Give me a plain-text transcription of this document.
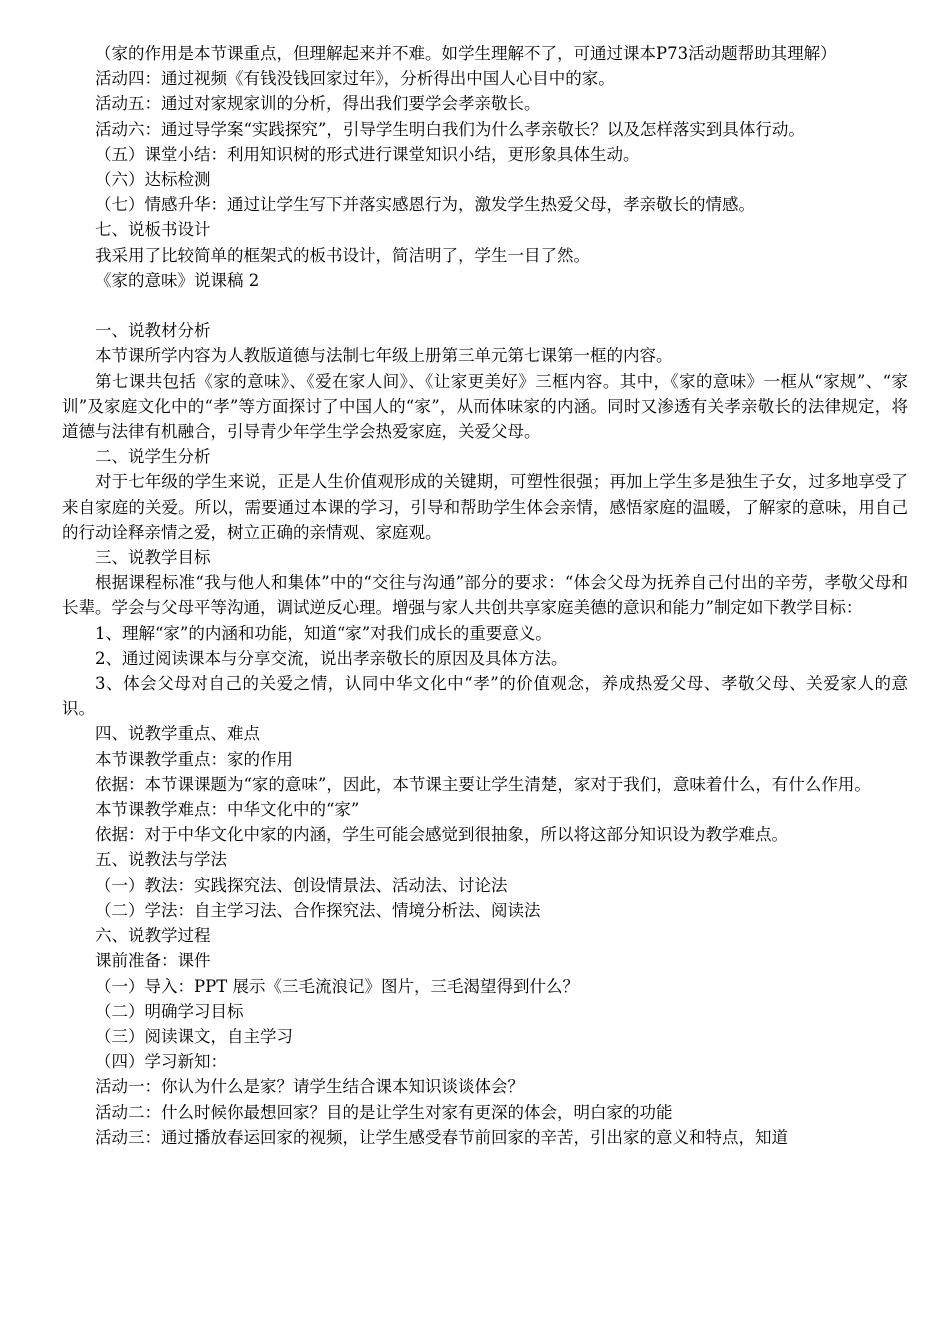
（家的作用是本节课重点，但理解起来并不难。如学生理解不了，可通过课本P73活动题帮助其理解）

活动四：通过视频《有钱没钱回家过年》，分析得出中国人心目中的家。

活动五：通过对家规家训的分析，得出我们要学会孝亲敬长。

活动六：通过导学案“实践探究”，引导学生明白我们为什么孝亲敬长？以及怎样落实到具体行动。

（五）课堂小结：利用知识树的形式进行课堂知识小结，更形象具体生动。

（六）达标检测

（七）情感升华：通过让学生写下并落实感恩行为，激发学生热爱父母，孝亲敬长的情感。

七、说板书设计

我采用了比较简单的框架式的板书设计，简洁明了，学生一目了然。

《家的意味》说课稿 2

一、说教材分析

本节课所学内容为人教版道德与法制七年级上册第三单元第七课第一框的内容。

第七课共包括《家的意味》、《爱在家人间》、《让家更美好》三框内容。其中，《家的意味》一框从“家规”、“家训”及家庭文化中的“孝”等方面探讨了中国人的“家”，从而体味家的内涵。同时又渗透有关孝亲敬长的法律规定，将道德与法律有机融合，引导青少年学生学会热爱家庭，关爱父母。

二、说学生分析

对于七年级的学生来说，正是人生价值观形成的关键期，可塑性很强；再加上学生多是独生子女，过多地享受了来自家庭的关爱。所以，需要通过本课的学习，引导和帮助学生体会亲情，感悟家庭的温暖，了解家的意味，用自己的行动诠释亲情之爱，树立正确的亲情观、家庭观。

三、说教学目标

根据课程标准“我与他人和集体”中的“交往与沟通”部分的要求：“体会父母为抚养自己付出的辛劳，孝敬父母和长辈。学会与父母平等沟通，调试逆反心理。增强与家人共创共享家庭美德的意识和能力”制定如下教学目标：

1、理解“家”的内涵和功能，知道“家”对我们成长的重要意义。

2、通过阅读课本与分享交流，说出孝亲敬长的原因及具体方法。

3、体会父母对自己的关爱之情，认同中华文化中“孝”的价值观念，养成热爱父母、孝敬父母、关爱家人的意识。

四、说教学重点、难点

本节课教学重点：家的作用

依据：本节课课题为“家的意味”，因此，本节课主要让学生清楚，家对于我们，意味着什么，有什么作用。

本节课教学难点：中华文化中的“家”

依据：对于中华文化中家的内涵，学生可能会感觉到很抽象，所以将这部分知识设为教学难点。

五、说教法与学法

（一）教法：实践探究法、创设情景法、活动法、讨论法

（二）学法：自主学习法、合作探究法、情境分析法、阅读法

六、说教学过程

课前准备：课件

（一）导入：PPT 展示《三毛流浪记》图片，三毛渴望得到什么？

（二）明确学习目标

（三）阅读课文，自主学习

（四）学习新知：

活动一：你认为什么是家？请学生结合课本知识谈谈体会？

活动二：什么时候你最想回家？目的是让学生对家有更深的体会，明白家的功能

活动三：通过播放春运回家的视频，让学生感受春节前回家的辛苦，引出家的意义和特点，知道
